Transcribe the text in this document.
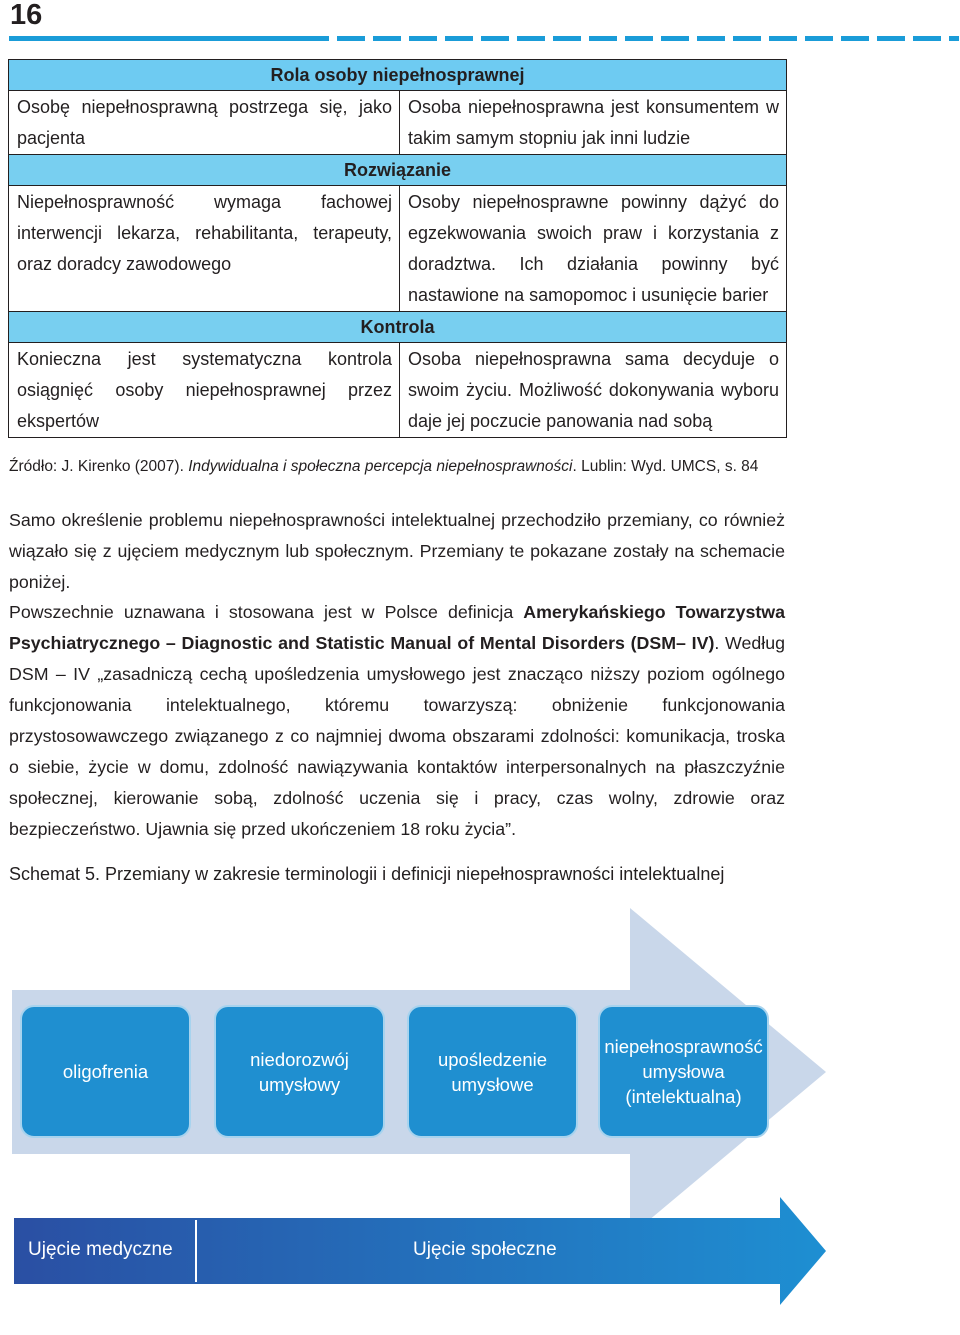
16
Rola osoby niepełnosprawnej	
Osobę niepełnosprawną postrzega się, jako pacjenta	Osoba niepełnosprawna jest konsumentem w takim samym stopniu jak inni ludzie
Rozwiązanie	
Niepełnosprawność wymaga fachowej interwencji lekarza, rehabilitanta, terapeuty, oraz doradcy zawodowego	Osoby niepełnosprawne powinny dążyć do egzekwowania swoich praw i korzystania z doradztwa. Ich działania powinny być nastawione na samopomoc i usunięcie barier
Kontrola	
Konieczna jest systematyczna kontrola osiągnięć osoby niepełnosprawnej przez ekspertów	Osoba niepełnosprawna sama decyduje o swoim życiu. Możliwość dokonywania wyboru daje jej poczucie panowania nad sobą
Źródło: J. Kirenko (2007). Indywidualna i społeczna percepcja niepełnosprawności. Lublin: Wyd. UMCS, s. 84

Samo określenie problemu niepełnosprawności intelektualnej przechodziło przemiany, co również wiązało się z ujęciem medycznym lub społecznym. Przemiany te pokazane zostały na schemacie poniżej.

Powszechnie uznawana i stosowana jest w Polsce definicja Amerykańskiego Towarzystwa Psychiatrycznego – Diagnostic and Statistic Manual of Mental Disorders (DSM– IV). Według DSM – IV „zasadniczą cechą upośledzenia umysłowego jest znacząco niższy poziom ogólnego funkcjonowania intelektualnego, któremu towarzyszą: obniżenie funkcjonowania przystosowawczego związanego z co najmniej dwoma obszarami zdolności: komunikacja, troska o siebie, życie w domu, zdolność nawiązywania kontaktów interpersonalnych na płaszczyźnie społecznej, kierowanie sobą, zdolność uczenia się i pracy, czas wolny, zdrowie oraz bezpieczeństwo. Ujawnia się przed ukończeniem 18 roku życia”.

Schemat 5. Przemiany w zakresie terminologii i definicji niepełnosprawności intelektualnej
oligofrenia
niedorozwój
umysłowy
upośledzenie
umysłowe
niepełnosprawność
umysłowa
(intelektualna)
Ujęcie medyczne	Ujęcie społeczne
